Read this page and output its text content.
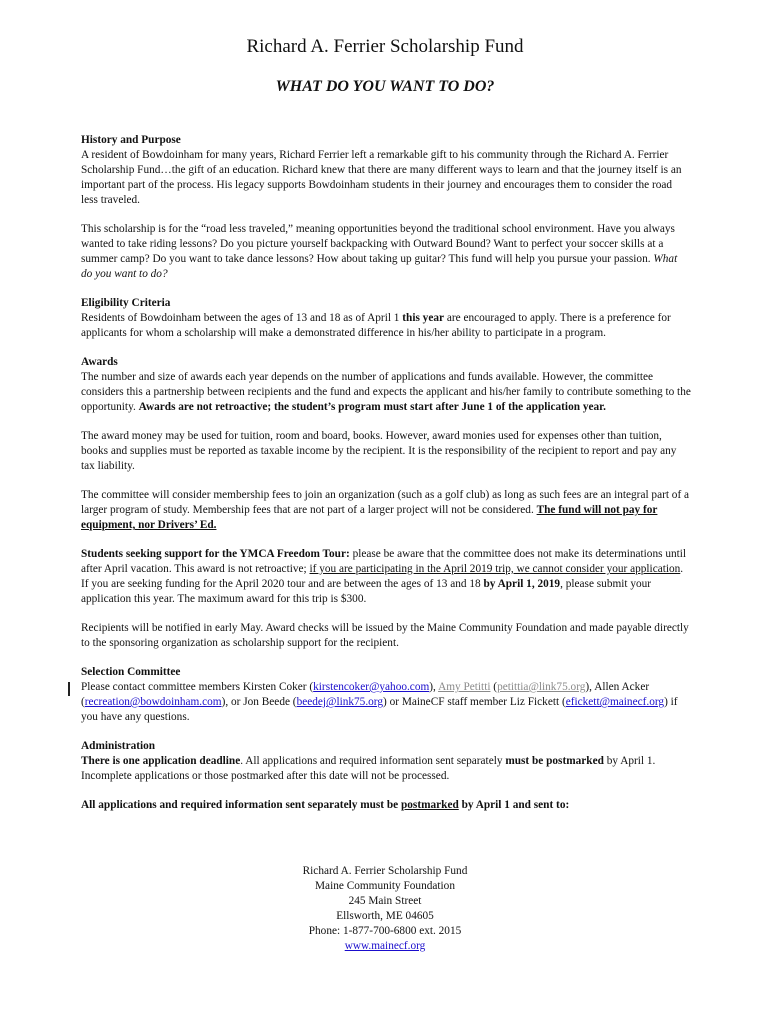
Richard A. Ferrier Scholarship Fund
WHAT DO YOU WANT TO DO?

History and Purpose

A resident of Bowdoinham for many years, Richard Ferrier left a remarkable gift to his community through the Richard A. Ferrier Scholarship Fund…the gift of an education. Richard knew that there are many different ways to learn and that the journey itself is an important part of the process. His legacy supports Bowdoinham students in their journey and encourages them to consider the road less traveled.

This scholarship is for the “road less traveled,” meaning opportunities beyond the traditional school environment. Have you always wanted to take riding lessons? Do you picture yourself backpacking with Outward Bound? Want to perfect your soccer skills at a summer camp? Do you want to take dance lessons? How about taking up guitar? This fund will help you pursue your passion. What do you want to do?

Eligibility Criteria

Residents of Bowdoinham between the ages of 13 and 18 as of April 1 this year are encouraged to apply. There is a preference for applicants for whom a scholarship will make a demonstrated difference in his/her ability to participate in a program.

Awards

The number and size of awards each year depends on the number of applications and funds available. However, the committee considers this a partnership between recipients and the fund and expects the applicant and his/her family to contribute something to the opportunity. Awards are not retroactive; the student’s program must start after June 1 of the application year.

The award money may be used for tuition, room and board, books. However, award monies used for expenses other than tuition, books and supplies must be reported as taxable income by the recipient. It is the responsibility of the recipient to report and pay any tax liability.

The committee will consider membership fees to join an organization (such as a golf club) as long as such fees are an integral part of a larger program of study. Membership fees that are not part of a larger project will not be considered. The fund will not pay for equipment, nor Drivers’ Ed.

Students seeking support for the YMCA Freedom Tour: please be aware that the committee does not make its determinations until after April vacation. This award is not retroactive; if you are participating in the April 2019 trip, we cannot consider your application. If you are seeking funding for the April 2020 tour and are between the ages of 13 and 18 by April 1, 2019, please submit your application this year. The maximum award for this trip is $300.

Recipients will be notified in early May. Award checks will be issued by the Maine Community Foundation and made payable directly to the sponsoring organization as scholarship support for the recipient.

Selection Committee

Please contact committee members Kirsten Coker (kirstencoker@yahoo.com), Amy Petitti (petittia@link75.org), Allen Acker (recreation@bowdoinham.com), or Jon Beede (beedej@link75.org) or MaineCF staff member Liz Fickett (efickett@mainecf.org) if you have any questions.

Administration

There is one application deadline. All applications and required information sent separately must be postmarked by April 1. Incomplete applications or those postmarked after this date will not be processed.

All applications and required information sent separately must be postmarked by April 1 and sent to:

Richard A. Ferrier Scholarship Fund
Maine Community Foundation
245 Main Street
Ellsworth, ME 04605
Phone: 1-877-700-6800 ext. 2015
www.mainecf.org
